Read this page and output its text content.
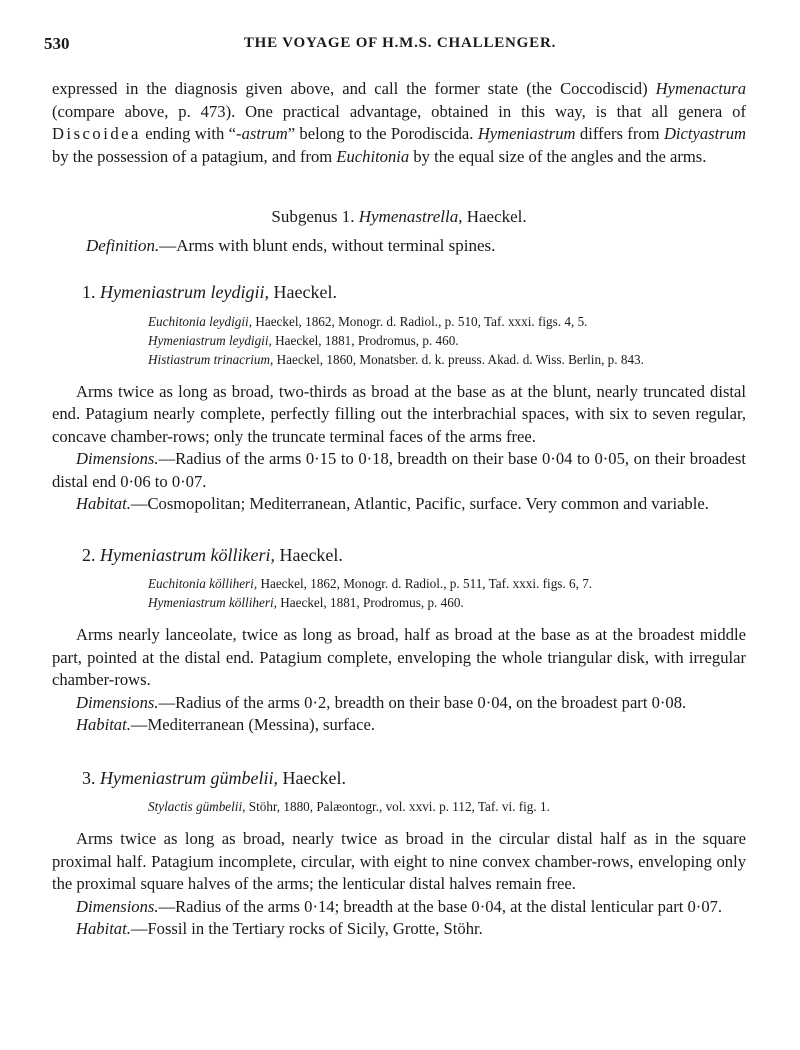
530	THE VOYAGE OF H.M.S. CHALLENGER.

expressed in the diagnosis given above, and call the former state (the Coccodiscid) Hymenactura (compare above, p. 473). One practical advantage, obtained in this way, is that all genera of Discoidea ending with “-astrum” belong to the Porodiscida. Hymeniastrum differs from Dictyastrum by the possession of a patagium, and from Euchitonia by the equal size of the angles and the arms.

Subgenus 1. Hymenastrella, Haeckel.

Definition.—Arms with blunt ends, without terminal spines.

1. Hymeniastrum leydigii, Haeckel.

Euchitonia leydigii, Haeckel, 1862, Monogr. d. Radiol., p. 510, Taf. xxxi. figs. 4, 5.
Hymeniastrum leydigii, Haeckel, 1881, Prodromus, p. 460.
Histiastrum trinacrium, Haeckel, 1860, Monatsber. d. k. preuss. Akad. d. Wiss. Berlin, p. 843.

Arms twice as long as broad, two-thirds as broad at the base as at the blunt, nearly truncated distal end. Patagium nearly complete, perfectly filling out the interbrachial spaces, with six to seven regular, concave chamber-rows; only the truncate terminal faces of the arms free.

Dimensions.—Radius of the arms 0·15 to 0·18, breadth on their base 0·04 to 0·05, on their broadest distal end 0·06 to 0·07.

Habitat.—Cosmopolitan; Mediterranean, Atlantic, Pacific, surface. Very common and variable.

2. Hymeniastrum köllikeri, Haeckel.

Euchitonia kölliheri, Haeckel, 1862, Monogr. d. Radiol., p. 511, Taf. xxxi. figs. 6, 7.
Hymeniastrum kölliheri, Haeckel, 1881, Prodromus, p. 460.

Arms nearly lanceolate, twice as long as broad, half as broad at the base as at the broadest middle part, pointed at the distal end. Patagium complete, enveloping the whole triangular disk, with irregular chamber-rows.

Dimensions.—Radius of the arms 0·2, breadth on their base 0·04, on the broadest part 0·08.

Habitat.—Mediterranean (Messina), surface.

3. Hymeniastrum gümbelii, Haeckel.

Stylactis gümbelii, Stöhr, 1880, Palæontogr., vol. xxvi. p. 112, Taf. vi. fig. 1.

Arms twice as long as broad, nearly twice as broad in the circular distal half as in the square proximal half. Patagium incomplete, circular, with eight to nine convex chamber-rows, enveloping only the proximal square halves of the arms; the lenticular distal halves remain free.

Dimensions.—Radius of the arms 0·14; breadth at the base 0·04, at the distal lenticular part 0·07.

Habitat.—Fossil in the Tertiary rocks of Sicily, Grotte, Stöhr.
